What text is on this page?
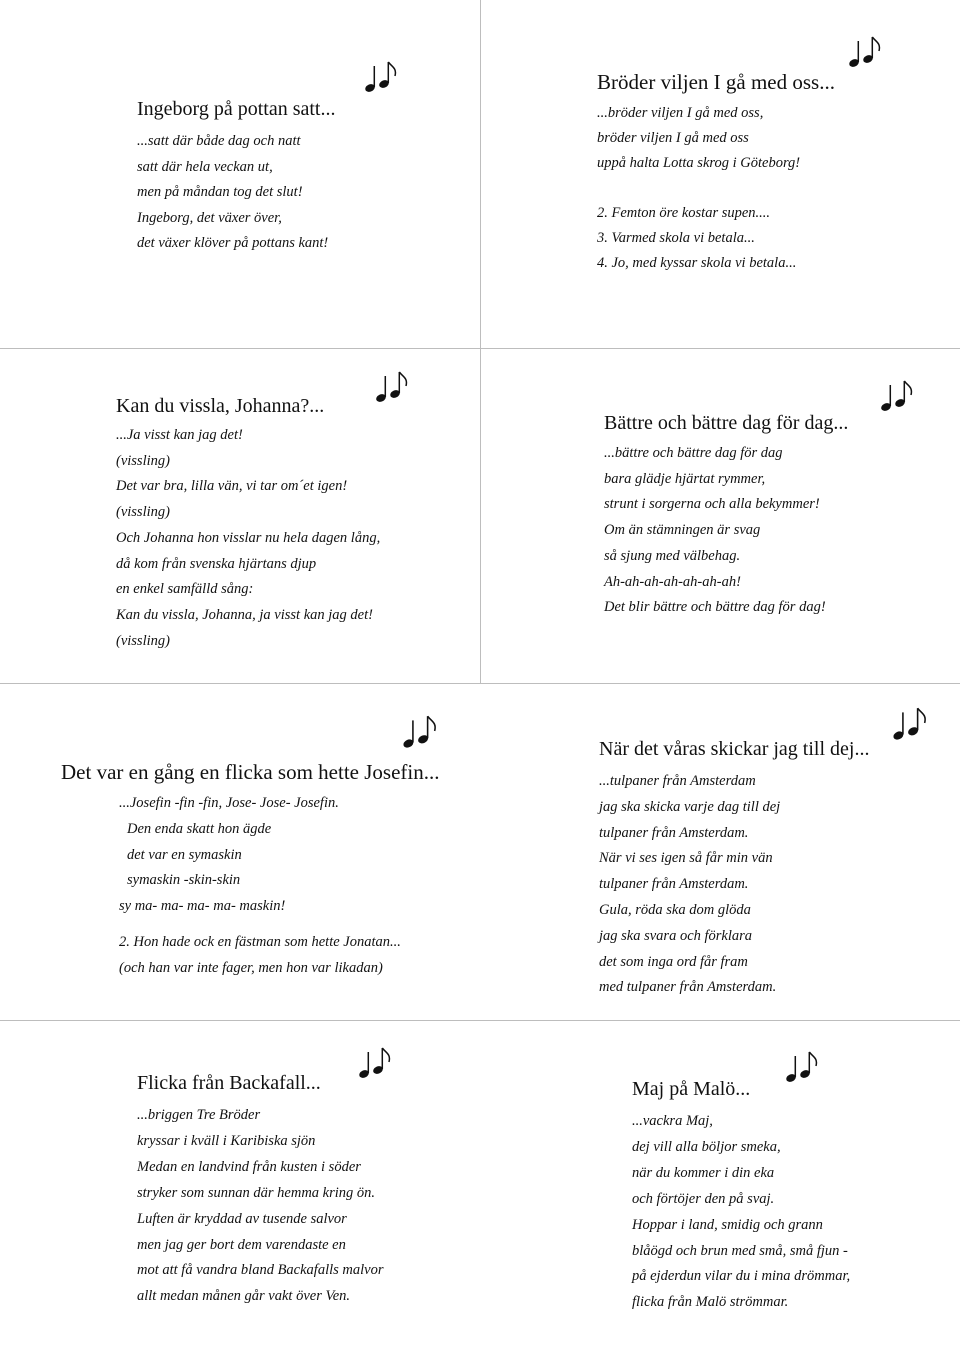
Ingeborg på pottan satt...
...satt där både dag och natt
satt där hela veckan ut,
men på måndan tog det slut!
Ingeborg, det växer över,
det växer klöver på pottans kant!
Bröder viljen I gå med oss...
...bröder viljen I gå med oss,
bröder viljen I gå med oss
uppå halta Lotta skrog i Göteborg!
2. Femton öre kostar supen....
3. Varmed skola vi betala...
4. Jo, med kyssar skola vi betala...
Kan du vissla, Johanna?...
...Ja visst kan jag det!
(vissling)
Det var bra, lilla vän, vi tar om´et igen!
(vissling)
Och Johanna hon visslar nu hela dagen lång,
då kom från svenska hjärtans djup
en enkel samfälld sång:
Kan du vissla, Johanna, ja visst kan jag det!
(vissling)
Bättre och bättre dag för dag...
...bättre och bättre dag för dag
bara glädje hjärtat rymmer,
strunt i sorgerna och alla bekymmer!
Om än stämningen är svag
så sjung med välbehag.
Ah-ah-ah-ah-ah-ah-ah!
Det blir bättre och bättre dag för dag!
Det var en gång en flicka som hette Josefin...
...Josefin -fin -fin, Jose- Jose- Josefin.
Den enda skatt hon ägde
det var en symaskin
symaskin -skin-skin
sy ma- ma- ma- ma- maskin!
2. Hon hade ock en fästman som hette Jonatan...
(och han var inte fager, men hon var likadan)
När det våras skickar jag till dej...
...tulpaner från Amsterdam
jag ska skicka varje dag till dej
tulpaner från Amsterdam.
När vi ses igen så får min vän
tulpaner från Amsterdam.
Gula, röda ska dom glöda
jag ska svara och förklara
det som inga ord får fram
med tulpaner från Amsterdam.
Flicka från Backafall...
...briggen Tre Bröder
kryssar i kväll i Karibiska sjön
Medan en landvind från kusten i söder
stryker som sunnan där hemma kring ön.
Luften är kryddad av tusende salvor
men jag ger bort dem varendaste en
mot att få vandra bland Backafalls malvor
allt medan månen går vakt över Ven.
Maj på Malö...
...vackra Maj,
dej vill alla böljor smeka,
när du kommer i din eka
och förtöjer den på svaj.
Hoppar i land, smidig och grann
blåögd och brun med små, små fjun -
på ejderdun vilar du i mina drömmar,
flicka från Malö strömmar.
